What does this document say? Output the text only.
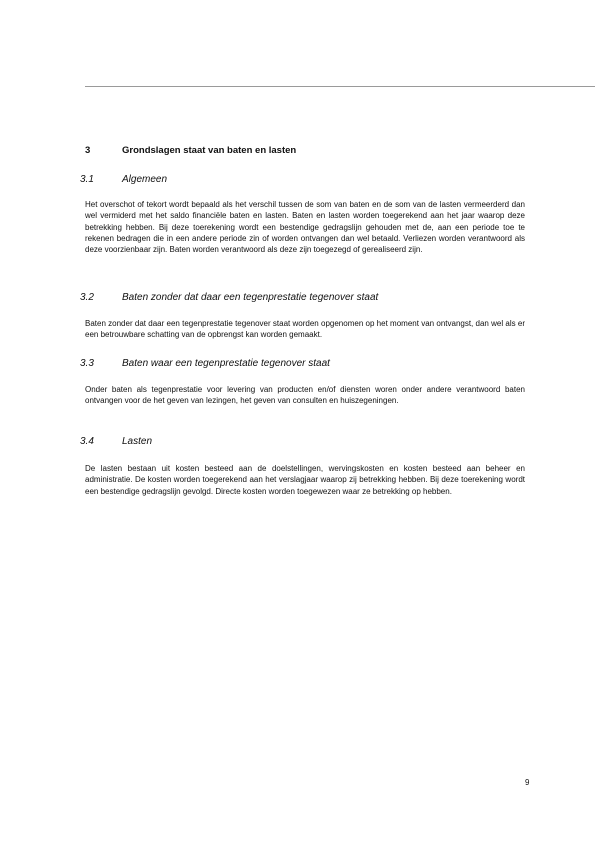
3	Grondslagen staat van baten en lasten
3.1	Algemeen

Het overschot of tekort wordt bepaald als het verschil tussen de som van baten en de som van de lasten vermeerderd dan wel vermiderd met het saldo financiële baten en lasten. Baten en lasten worden toegerekend aan het jaar waarop deze betrekking hebben. Bij deze toerekening wordt een bestendige gedragslijn gehouden met de, aan een periode toe te rekenen bedragen die in een andere periode zin of worden ontvangen dan wel betaald. Verliezen worden verantwoord als deze voorzienbaar zijn. Baten worden verantwoord als deze zijn toegezegd of gerealiseerd zijn.

3.2	Baten zonder dat daar een tegenprestatie tegenover staat

Baten zonder dat daar een tegenprestatie tegenover staat worden opgenomen op het moment van ontvangst, dan wel als er een betrouwbare schatting van de opbrengst kan worden gemaakt.

3.3	Baten waar een tegenprestatie tegenover staat

Onder baten als tegenprestatie voor levering van producten en/of diensten woren onder andere verantwoord baten ontvangen voor de het geven van lezingen, het geven van consulten en huiszegeningen.

3.4	Lasten

De lasten bestaan uit kosten besteed aan de doelstellingen, wervingskosten en kosten besteed aan beheer en administratie. De kosten worden toegerekend aan het verslagjaar waarop zij betrekking hebben. Bij deze toerekening wordt een bestendige gedragslijn gevolgd. Directe kosten worden toegewezen waar ze betrekking op hebben.

9
